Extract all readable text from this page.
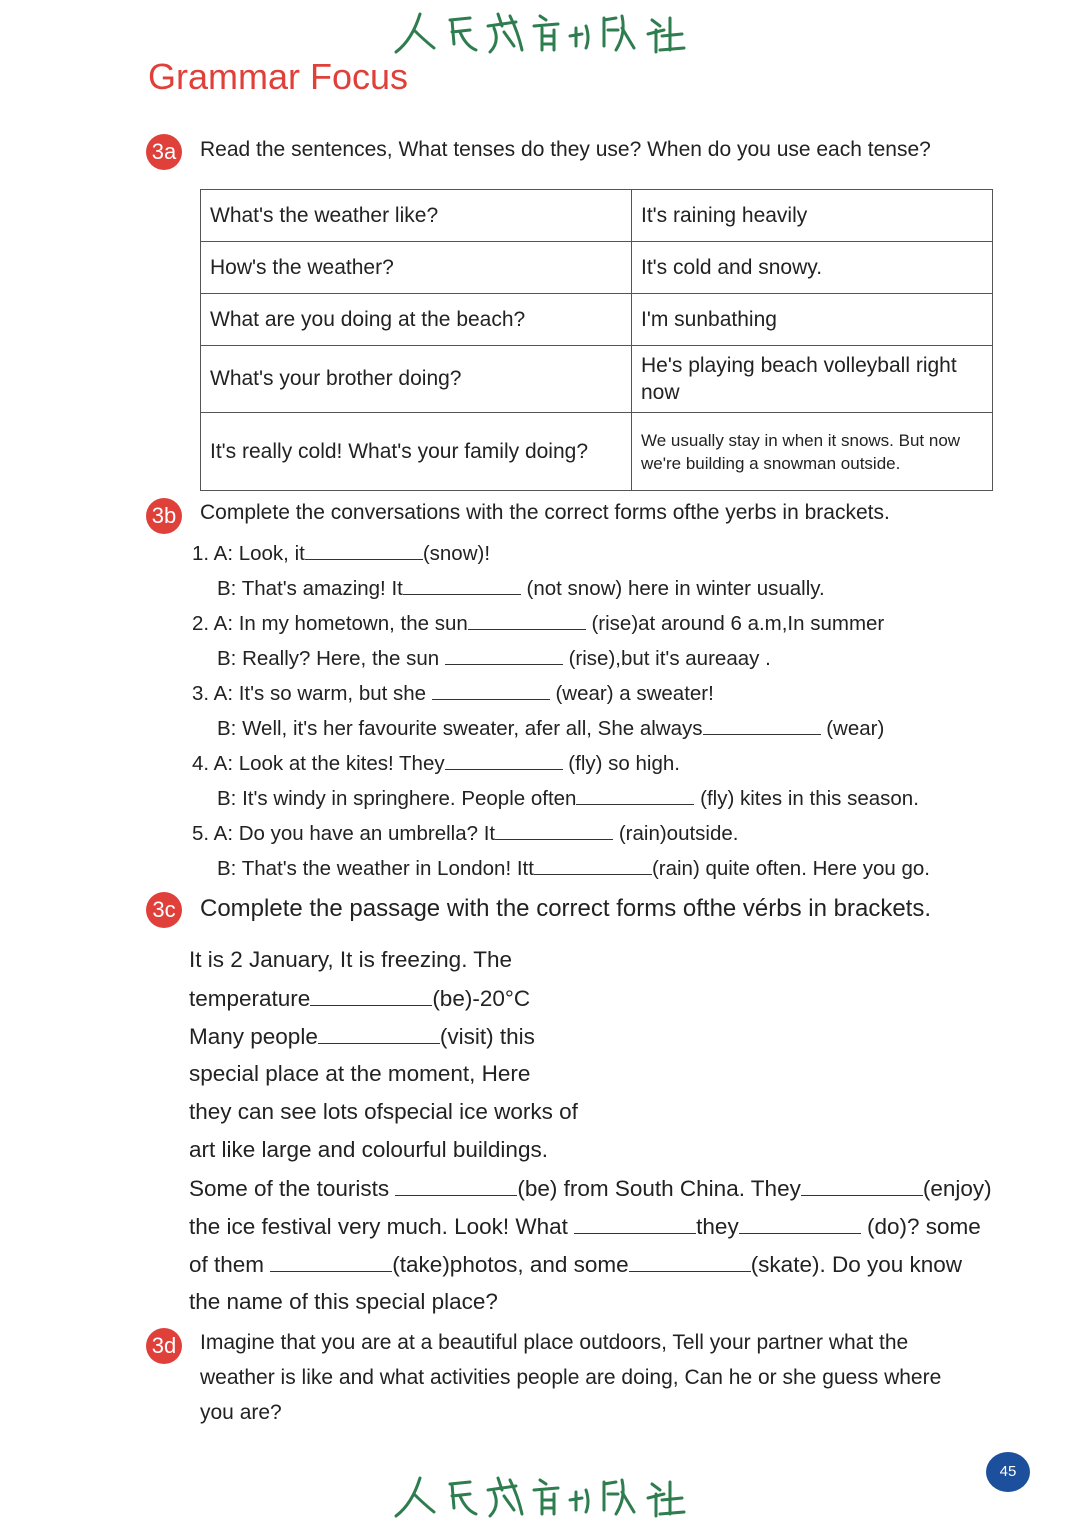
Grammar Focus
3a Read the sentences, What tenses do they use? When do you use each tense?
What's the weather like?	It's raining heavily
How's the weather?	It's cold and snowy.
What are you doing at the beach?	I'm sunbathing
What's your brother doing?	He's playing beach volleyball right now
It's really cold! What's your family doing?	We usually stay in when it snows. But now we're building a snowman outside.
3b Complete the conversations with the correct forms ofthe yerbs in brackets.
1. A: Look, it	(snow)!
B: That's amazing! It	(not snow) here in winter usually.
2. A: In my hometown, the sun	(rise)at around 6 a.m,In summer
B: Really? Here, the sun	(rise),but it's aureaay .
3. A: It's so warm, but she	(wear) a sweater!
B: Well, it's her favourite sweater, afer all, She always	(wear)
4. A: Look at the kites! They	(fly) so high.
B: It's windy in springhere. People often	(fly) kites in this season.
5. A: Do you have an umbrella? It	(rain)outside.
B: That's the weather in London! Itt	(rain) quite often. Here you go.
3c Complete the passage with the correct forms ofthe vérbs in brackets.
It is 2 January, It is freezing. The
temperature	(be)-20°C
Many people	(visit) this
special place at the moment, Here
they can see lots ofspecial ice works of
art like large and colourful buildings.
Some of the tourists	(be) from South China. They	(enjoy)
the ice festival very much. Look! What	they	(do)? some
of them	(take)photos, and some	(skate). Do you know
the name of this special place?
3d Imagine that you are at a beautiful place outdoors, Tell your partner what the
weather is like and what activities people are doing, Can he or she guess where
you are?
45
